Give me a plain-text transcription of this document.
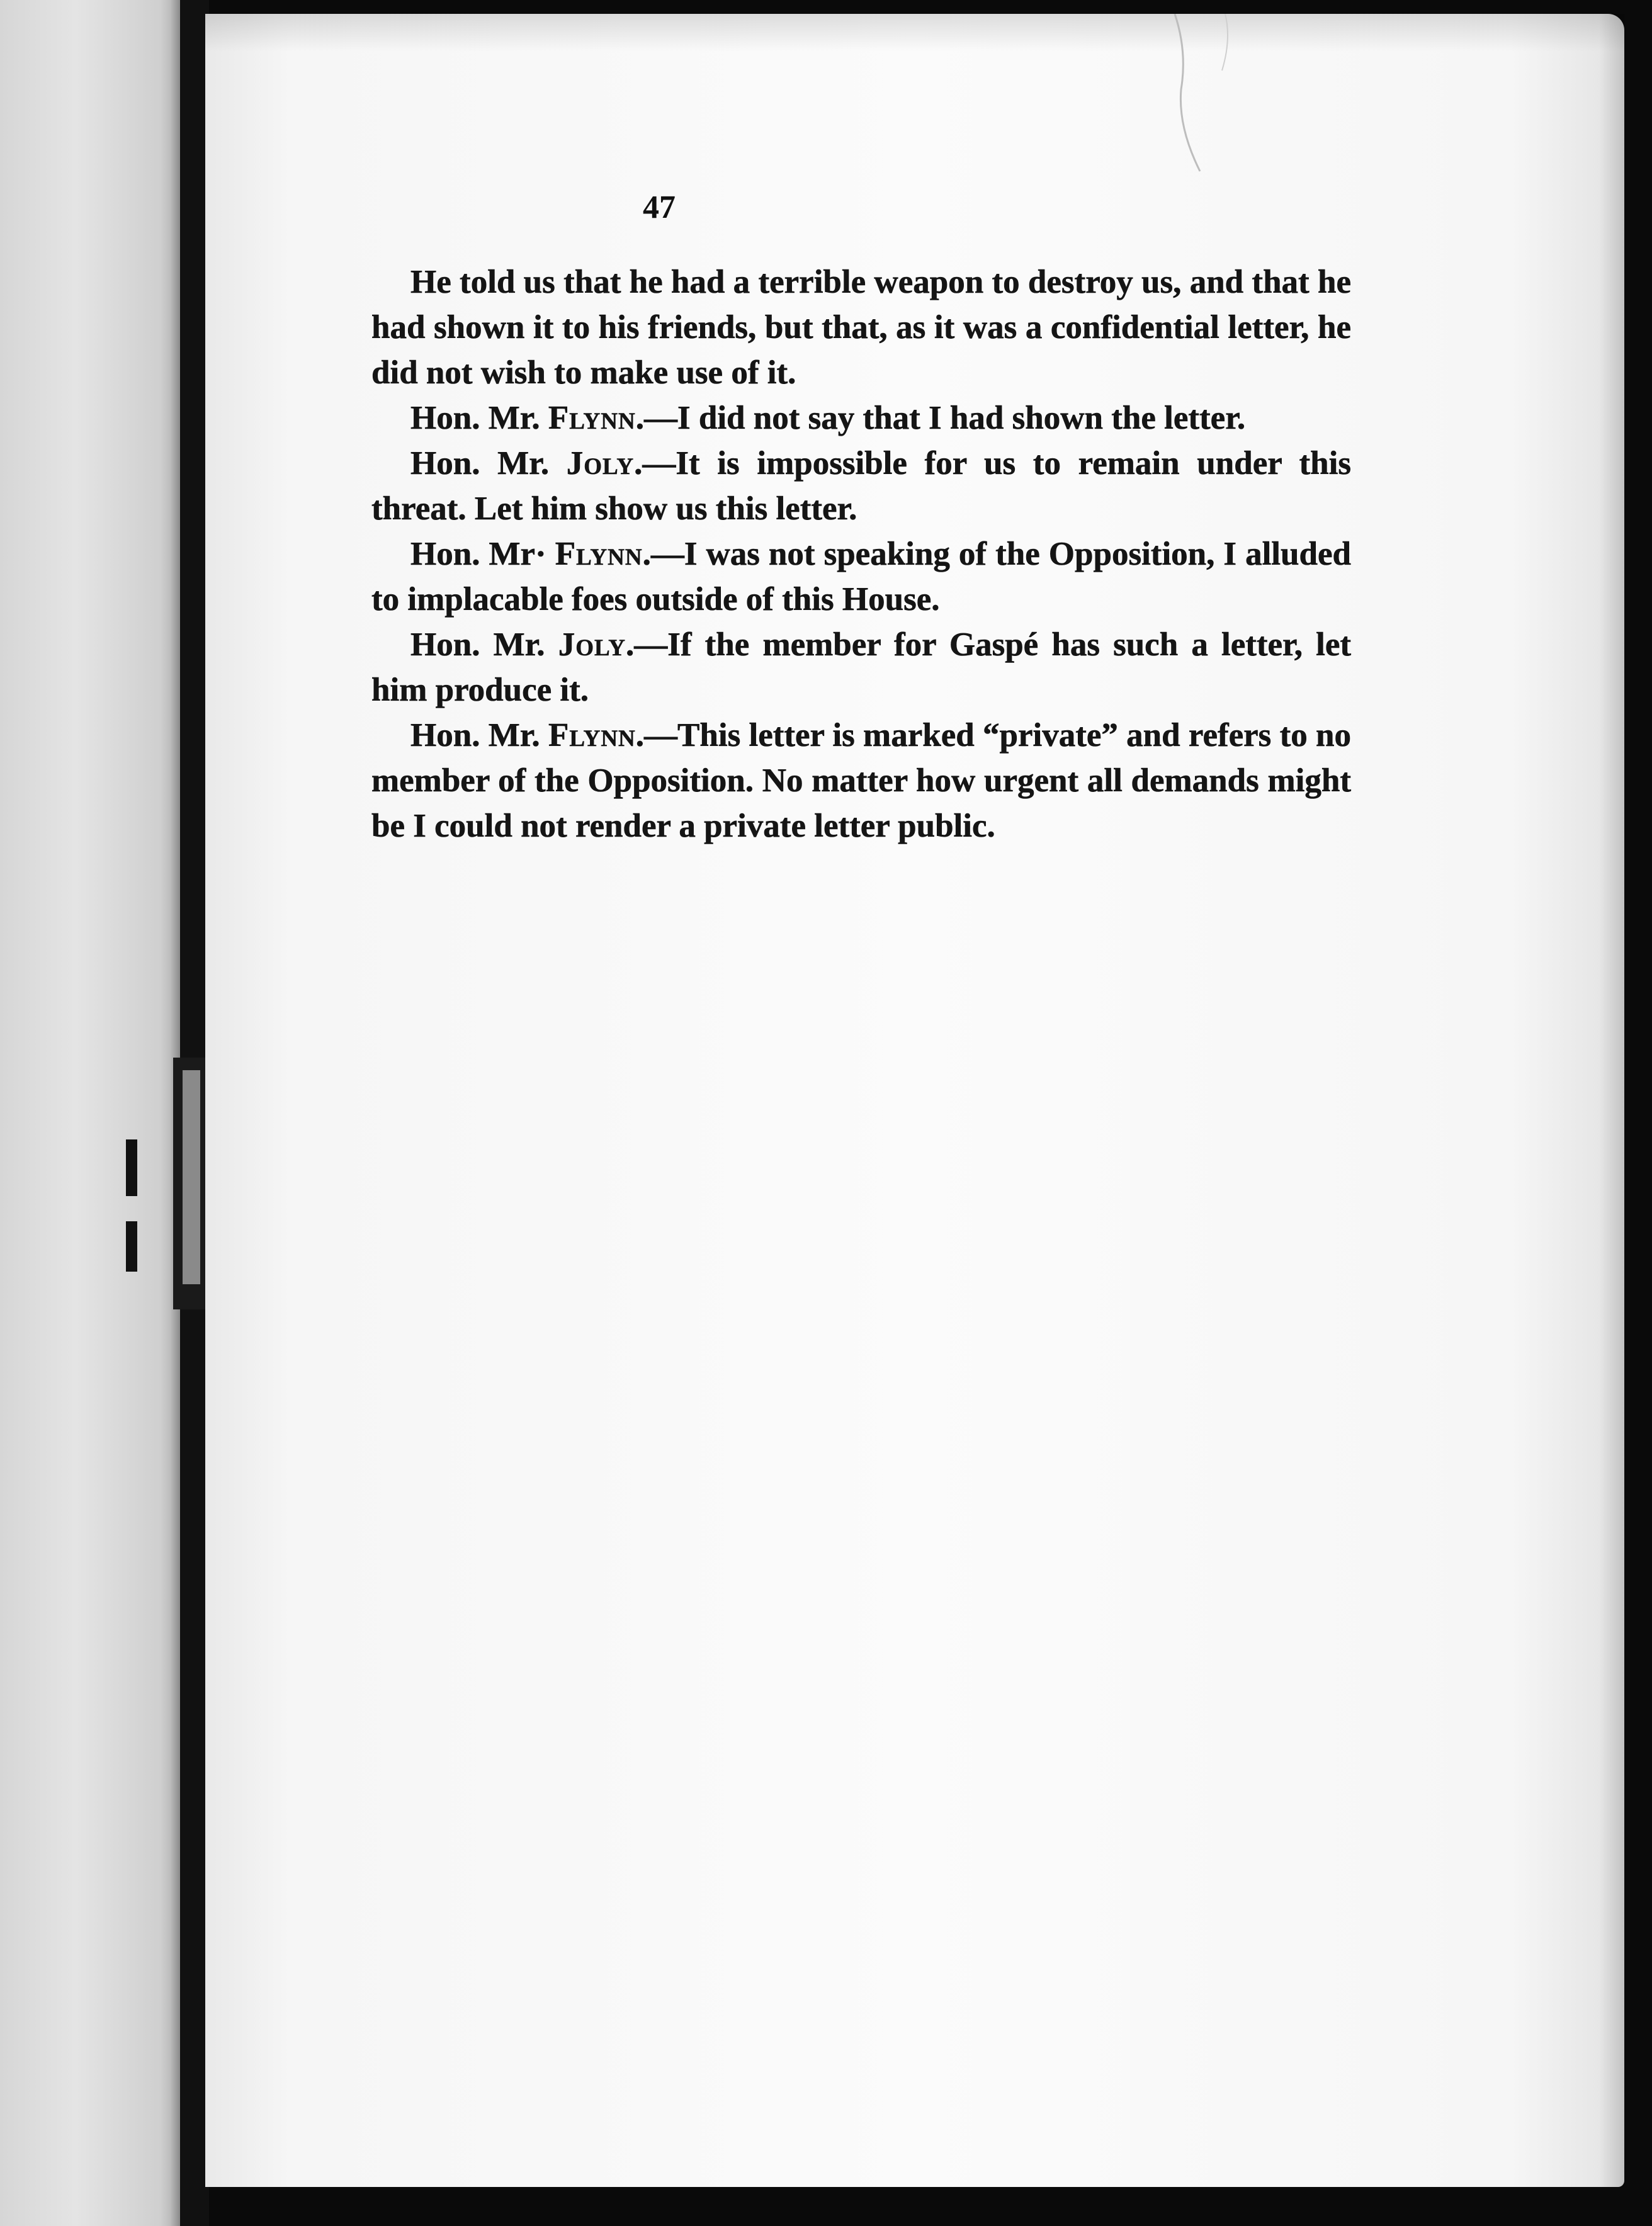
47

He told us that he had a terrible weapon to destroy us, and that he had shown it to his friends, but that, as it was a confidential letter, he did not wish to make use of it.

Hon. Mr. Flynn.—I did not say that I had shown the letter.

Hon. Mr. Joly.—It is impossible for us to remain under this threat. Let him show us this letter.

Hon. Mr· Flynn.—I was not speaking of the Opposition, I alluded to implacable foes outside of this House.

Hon. Mr. Joly.—If the member for Gaspé has such a letter, let him produce it.

Hon. Mr. Flynn.—This letter is marked “private” and refers to no member of the Opposition. No matter how urgent all demands might be I could not render a private letter public.
